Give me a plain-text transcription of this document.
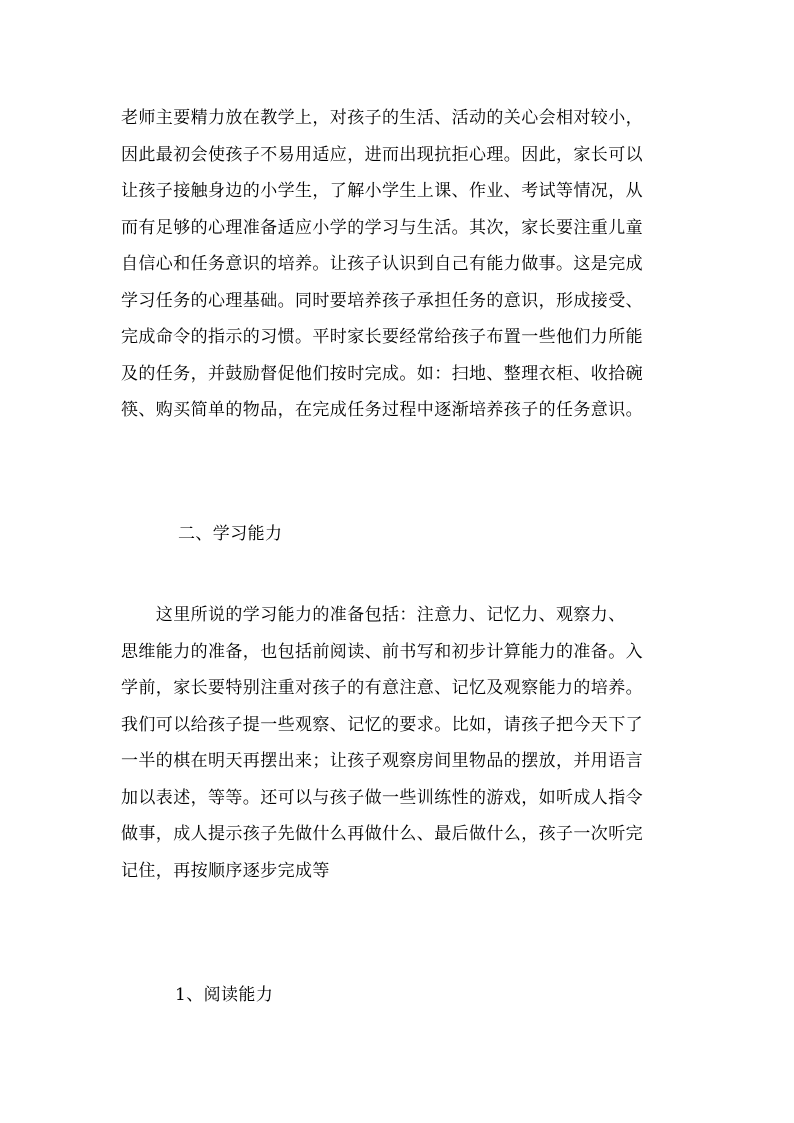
老师主要精力放在教学上，对孩子的生活、活动的关心会相对较小，
因此最初会使孩子不易用适应，进而出现抗拒心理。因此，家长可以
让孩子接触身边的小学生，了解小学生上课、作业、考试等情况，从
而有足够的心理准备适应小学的学习与生活。其次，家长要注重儿童
自信心和任务意识的培养。让孩子认识到自己有能力做事。这是完成
学习任务的心理基础。同时要培养孩子承担任务的意识，形成接受、
完成命令的指示的习惯。平时家长要经常给孩子布置一些他们力所能
及的任务，并鼓励督促他们按时完成。如：扫地、整理衣柜、收拾碗
筷、购买简单的物品，在完成任务过程中逐渐培养孩子的任务意识。
二、学习能力
　　这里所说的学习能力的准备包括：注意力、记忆力、观察力、
思维能力的准备，也包括前阅读、前书写和初步计算能力的准备。入
学前，家长要特别注重对孩子的有意注意、记忆及观察能力的培养。
我们可以给孩子提一些观察、记忆的要求。比如，请孩子把今天下了
一半的棋在明天再摆出来；让孩子观察房间里物品的摆放，并用语言
加以表述，等等。还可以与孩子做一些训练性的游戏，如听成人指令
做事，成人提示孩子先做什么再做什么、最后做什么，孩子一次听完
记住，再按顺序逐步完成等
1、阅读能力
